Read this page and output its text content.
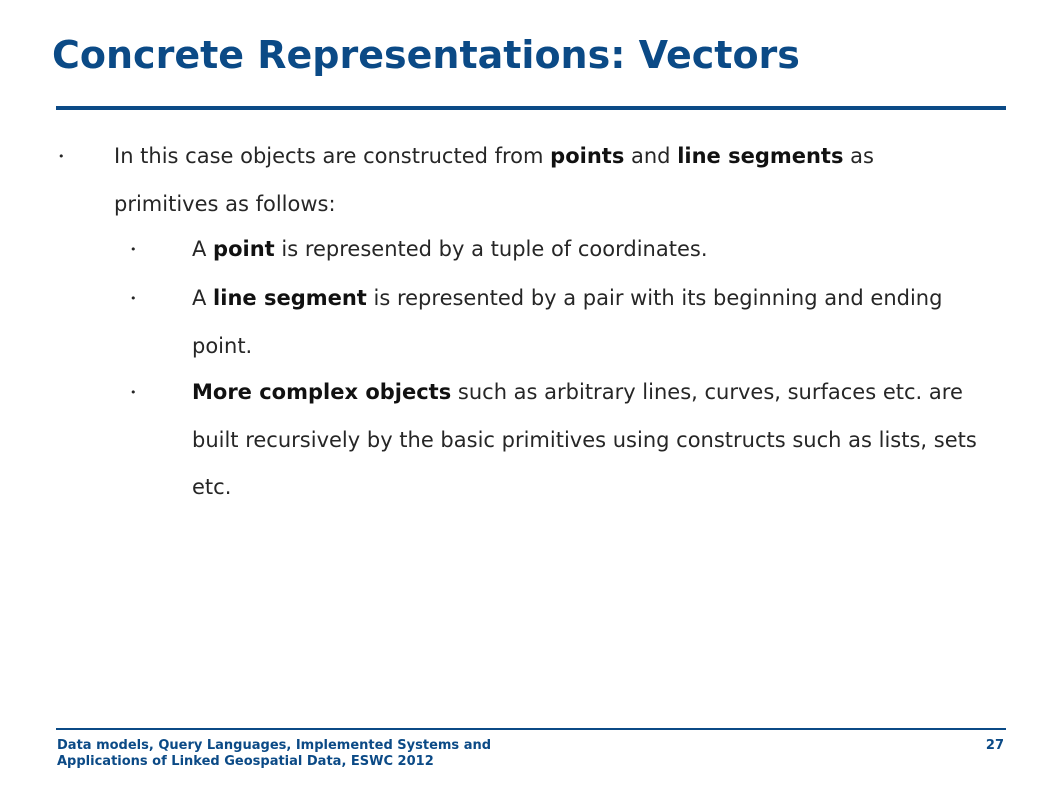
Concrete Representations: Vectors
• In this case objects are constructed from points and line segments as primitives as follows:
•	A point is represented by a tuple of coordinates.
•	A line segment is represented by a pair with its beginning and ending point.
•	More complex objects such as arbitrary lines, curves, surfaces etc. are built recursively by the basic primitives using constructs such as lists, sets etc.
Data models, Query Languages, Implemented Systems and
Applications of Linked Geospatial Data, ESWC 2012
27
